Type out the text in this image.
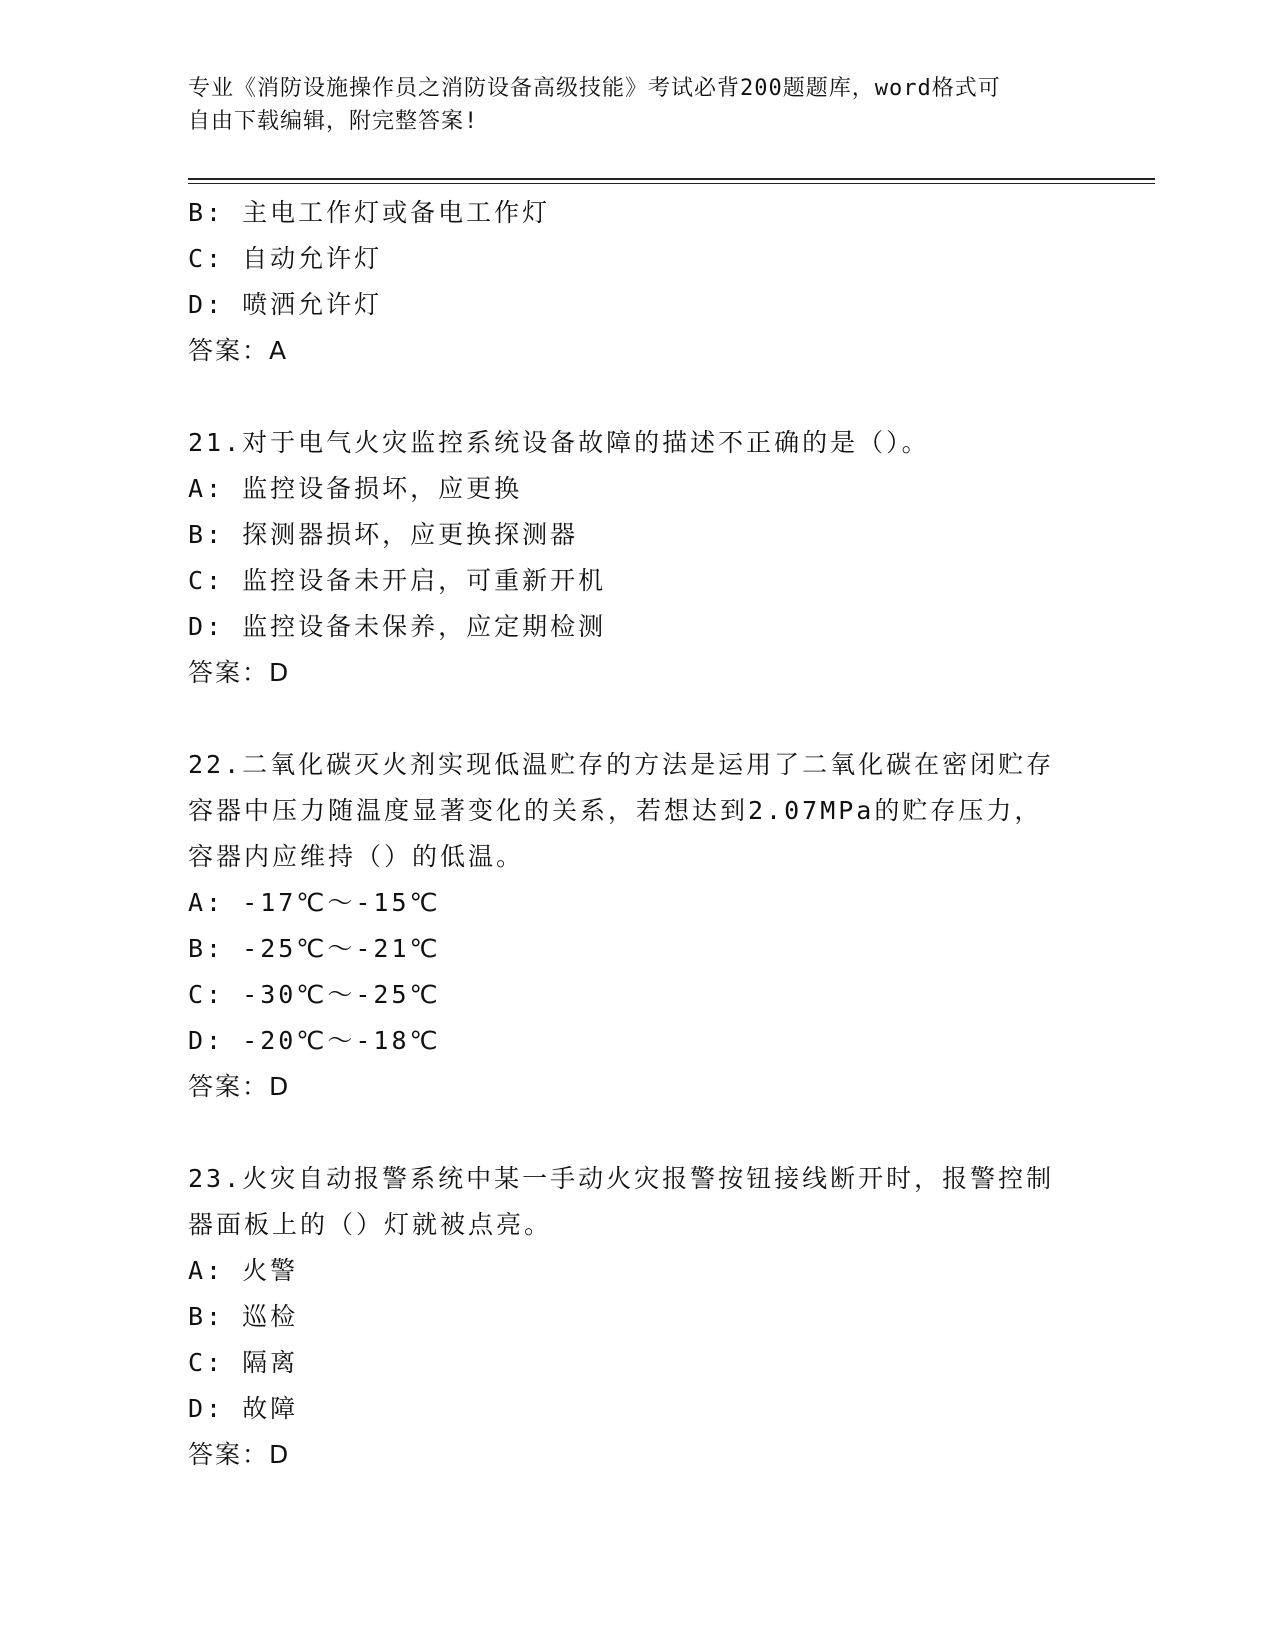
专业《消防设施操作员之消防设备高级技能》考试必背200题题库，word格式可
自由下载编辑，附完整答案!
B: 主电工作灯或备电工作灯
C: 自动允许灯
D: 喷洒允许灯
答案：A
21.对于电气火灾监控系统设备故障的描述不正确的是（）。
A: 监控设备损坏，应更换
B: 探测器损坏，应更换探测器
C: 监控设备未开启，可重新开机
D: 监控设备未保养，应定期检测
答案：D
22.二氧化碳灭火剂实现低温贮存的方法是运用了二氧化碳在密闭贮存
容器中压力随温度显著变化的关系，若想达到2.07MPa的贮存压力，
容器内应维持（）的低温。
A: -17℃～-15℃
B: -25℃～-21℃
C: -30℃～-25℃
D: -20℃～-18℃
答案：D
23.火灾自动报警系统中某一手动火灾报警按钮接线断开时，报警控制
器面板上的（）灯就被点亮。
A: 火警
B: 巡检
C: 隔离
D: 故障
答案：D
